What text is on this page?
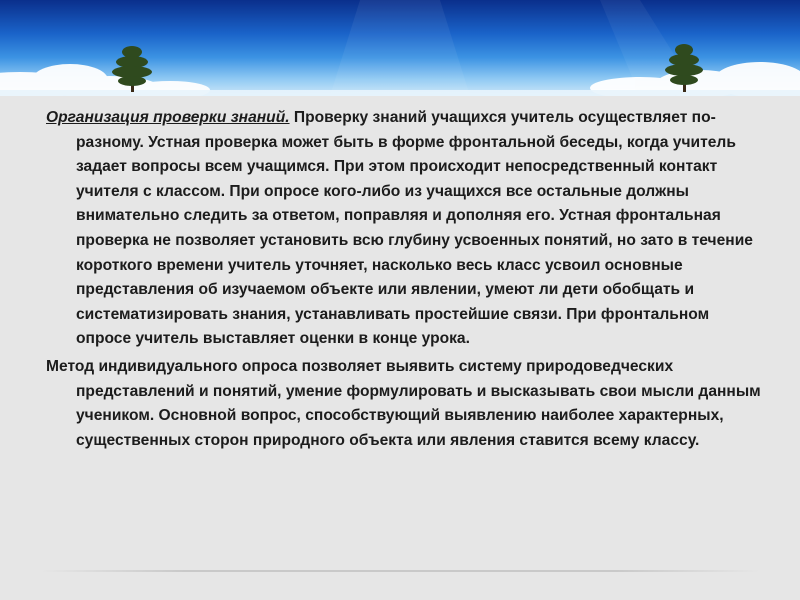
Организация проверки знаний. Проверку знаний учащихся учитель осуществляет по-разному. Устная проверка может быть в форме фронтальной беседы, когда учитель задает вопросы всем учащимся. При этом происходит непосредственный контакт учителя с классом. При опросе кого-либо из учащихся все остальные должны внимательно следить за ответом, поправляя и дополняя его. Устная фронтальная проверка не позволяет установить всю глубину усвоенных понятий, но зато в течение короткого времени учитель уточняет, насколько весь класс усвоил основные представления об изучаемом объекте или явлении, умеют ли дети обобщать и систематизировать знания, устанавливать простейшие связи. При фронтальном опросе учитель выставляет оценки в конце урока.

Метод индивидуального опроса позволяет выявить систему природоведческих представлений и понятий, умение формулировать и высказывать свои мысли данным учеником. Основной вопрос, способствующий выявлению наиболее характерных, существенных сторон природного объекта или явления ставится всему классу.
